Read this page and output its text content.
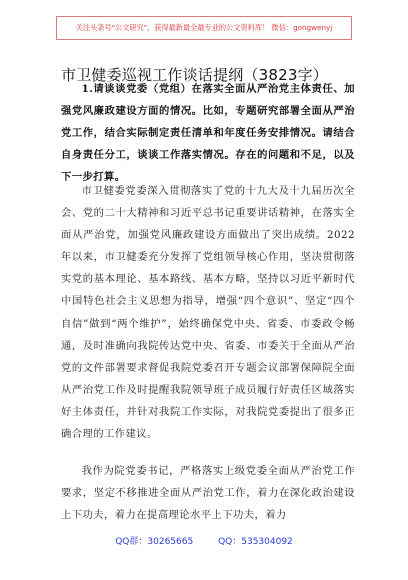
关注头条号"公文研究"，获得最新最全最专业的公文资料库！ 微信：gongwenyj
市卫健委巡视工作谈话提纲（3823字）

1.请谈谈党委（党组）在落实全面从严治党主体责任、加强党风廉政建设方面的情况。比如，专题研究部署全面从严治党工作，结合实际制定责任清单和年度任务安排情况。请结合自身责任分工，谈谈工作落实情况。存在的问题和不足，以及下一步打算。

市卫健委党委深入贯彻落实了党的十九大及十九届历次全会、党的二十大精神和习近平总书记重要讲话精神，在落实全面从严治党，加强党风廉政建设方面做出了突出成绩。2022年以来，市卫健委充分发挥了党组领导核心作用，坚决贯彻落实党的基本理论、基本路线、基本方略，坚持以习近平新时代中国特色社会主义思想为指导，增强“四个意识”、坚定“四个自信”做到“两个维护”，始终确保党中央、省委、市委政令畅通，及时准确向我院传达党中央、省委、市委关于全面从严治党的文件部署要求督促我院党委召开专题会议部署保障院全面从严治党工作及时提醒我院领导班子成员履行好责任区域落实好主体责任，并针对我院工作实际，对我院党委提出了很多正确合理的工作建议。

我作为院党委书记，严格落实上级党委全面从严治党工作要求，坚定不移推进全面从严治党工作，着力在深化政治建设上下功夫，着力在提高理论水平上下功夫，着力

QQ群：30265665	QQ：535304092
